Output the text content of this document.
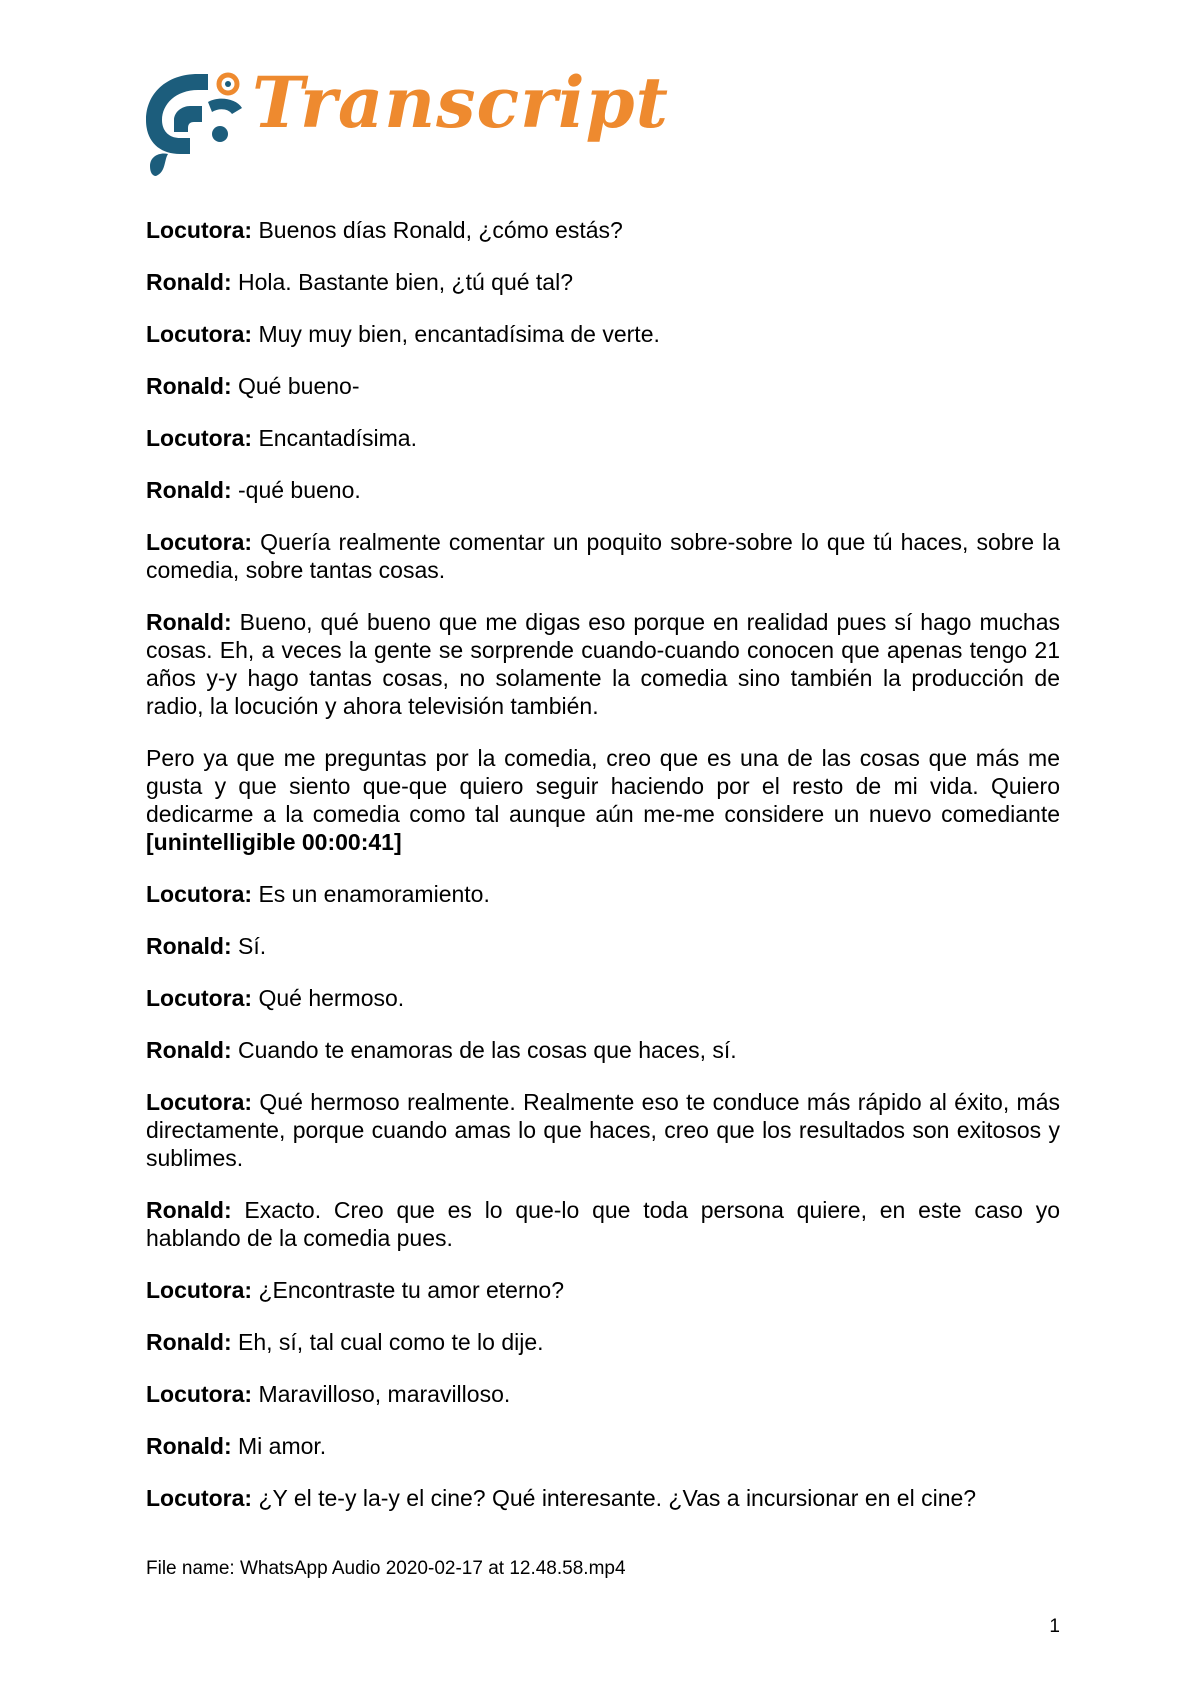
Transcript

Locutora: Buenos días Ronald, ¿cómo estás?

Ronald: Hola. Bastante bien, ¿tú qué tal?

Locutora: Muy muy bien, encantadísima de verte.

Ronald: Qué bueno-

Locutora: Encantadísima.

Ronald: -qué bueno.

Locutora: Quería realmente comentar un poquito sobre-sobre lo que tú haces, sobre la comedia, sobre tantas cosas.

Ronald: Bueno, qué bueno que me digas eso porque en realidad pues sí hago muchas cosas. Eh, a veces la gente se sorprende cuando-cuando conocen que apenas tengo 21 años y-y hago tantas cosas, no solamente la comedia sino también la producción de radio, la locución y ahora televisión también.

Pero ya que me preguntas por la comedia, creo que es una de las cosas que más me gusta y que siento que-que quiero seguir haciendo por el resto de mi vida. Quiero dedicarme a la comedia como tal aunque aún me-me considere un nuevo comediante [unintelligible 00:00:41]

Locutora: Es un enamoramiento.

Ronald: Sí.

Locutora: Qué hermoso.

Ronald: Cuando te enamoras de las cosas que haces, sí.

Locutora: Qué hermoso realmente. Realmente eso te conduce más rápido al éxito, más directamente, porque cuando amas lo que haces, creo que los resultados son exitosos y sublimes.

Ronald: Exacto. Creo que es lo que-lo que toda persona quiere, en este caso yo hablando de la comedia pues.

Locutora: ¿Encontraste tu amor eterno?

Ronald: Eh, sí, tal cual como te lo dije.

Locutora: Maravilloso, maravilloso.

Ronald: Mi amor.

Locutora: ¿Y el te-y la-y el cine? Qué interesante. ¿Vas a incursionar en el cine?

File name: WhatsApp Audio 2020-02-17 at 12.48.58.mp4
1
